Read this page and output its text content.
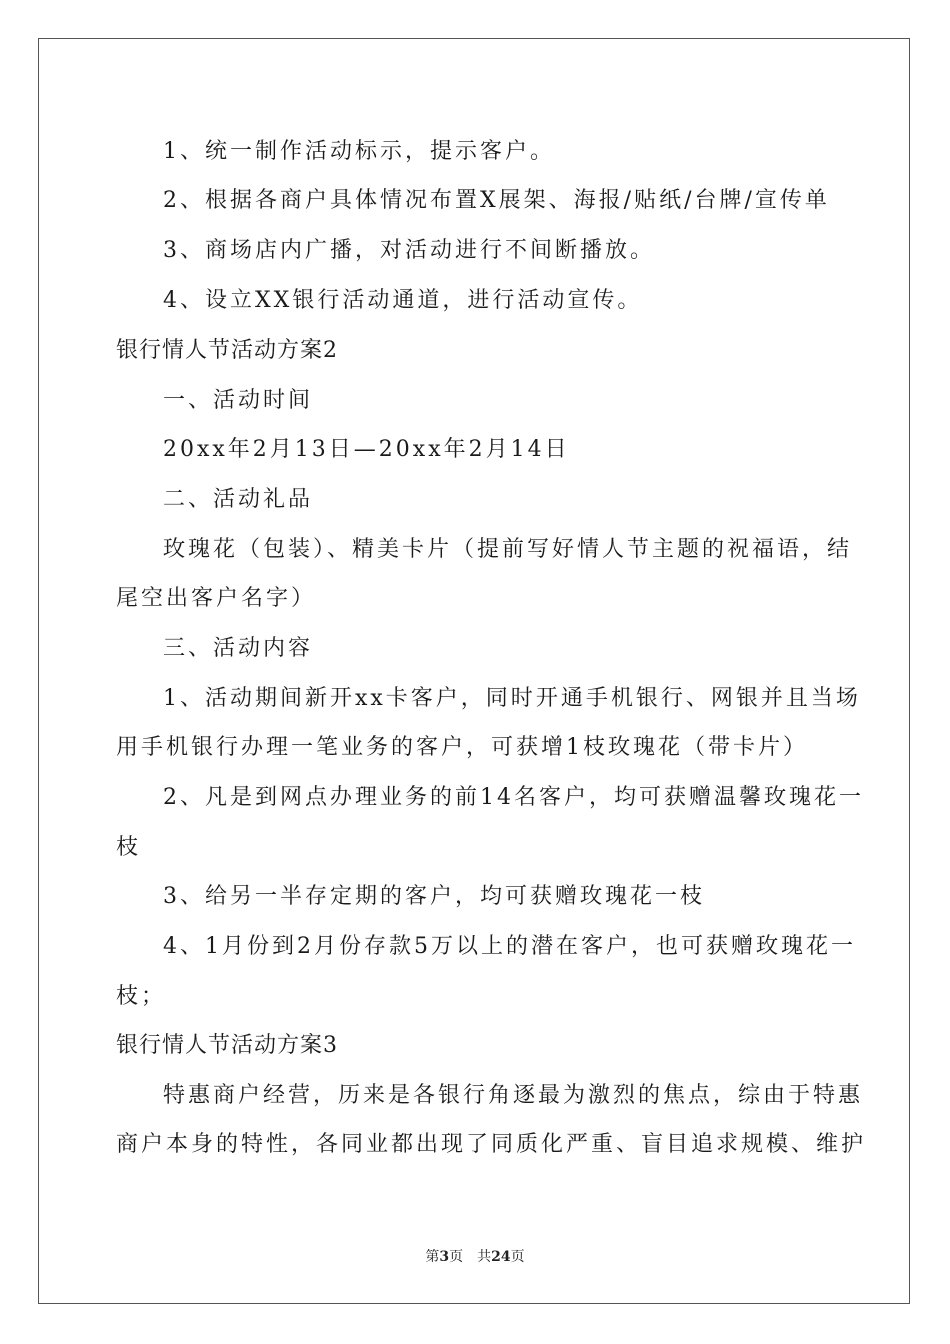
1、统一制作活动标示，提示客户。
2、根据各商户具体情况布置X展架、海报/贴纸/台牌/宣传单
3、商场店内广播，对活动进行不间断播放。
4、设立XX银行活动通道，进行活动宣传。
银行情人节活动方案2
一、活动时间
20xx年2月13日—20xx年2月14日
二、活动礼品
玫瑰花（包装）、精美卡片（提前写好情人节主题的祝福语，结
尾空出客户名字）
三、活动内容
1、活动期间新开xx卡客户，同时开通手机银行、网银并且当场
用手机银行办理一笔业务的客户，可获增1枝玫瑰花（带卡片）
2、凡是到网点办理业务的前14名客户，均可获赠温馨玫瑰花一
枝
3、给另一半存定期的客户，均可获赠玫瑰花一枝
4、1月份到2月份存款5万以上的潜在客户，也可获赠玫瑰花一
枝；
银行情人节活动方案3
特惠商户经营，历来是各银行角逐最为激烈的焦点，综由于特惠
商户本身的特性，各同业都出现了同质化严重、盲目追求规模、维护
第3页 共24页
